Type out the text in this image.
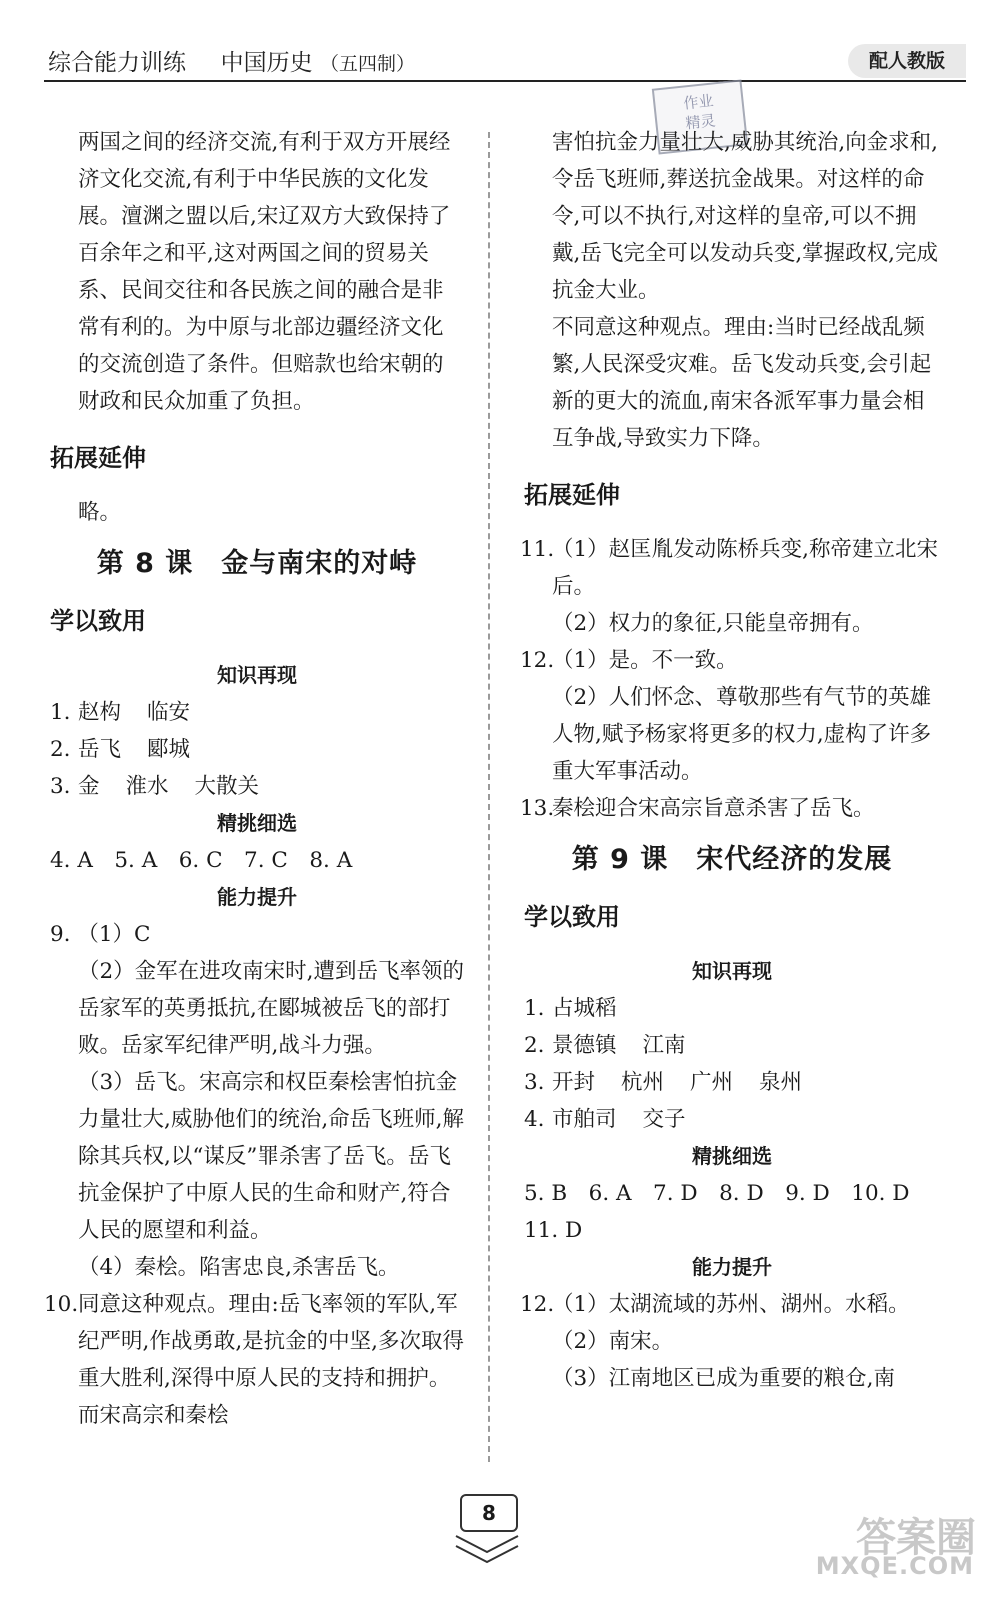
综合能力训练 中国历史 （五四制）	配人教版
作业
精灵

两国之间的经济交流,有利于双方开展经济文化交流,有利于中华民族的文化发展。澶渊之盟以后,宋辽双方大致保持了百余年之和平,这对两国之间的贸易关系、民间交往和各民族之间的融合是非常有利的。为中原与北部边疆经济文化的交流创造了条件。但赔款也给宋朝的财政和民众加重了负担。

拓展延伸

略。

第 8 课　金与南宋的对峙
学以致用
知识再现
1. 赵构 临安
2. 岳飞 郾城
3. 金 淮水 大散关
精挑细选
4. A　5. A　6. C　7. C　8. A
能力提升
9. （1）C

（2）金军在进攻南宋时,遭到岳飞率领的岳家军的英勇抵抗,在郾城被岳飞的部打败。岳家军纪律严明,战斗力强。

（3）岳飞。宋高宗和权臣秦桧害怕抗金力量壮大,威胁他们的统治,命岳飞班师,解除其兵权,以“谋反”罪杀害了岳飞。岳飞抗金保护了中原人民的生命和财产,符合人民的愿望和利益。

（4）秦桧。陷害忠良,杀害岳飞。

10. 同意这种观点。理由:岳飞率领的军队,军纪严明,作战勇敢,是抗金的中坚,多次取得重大胜利,深得中原人民的支持和拥护。而宋高宗和秦桧

害怕抗金力量壮大,威胁其统治,向金求和,令岳飞班师,葬送抗金战果。对这样的命令,可以不执行,对这样的皇帝,可以不拥戴,岳飞完全可以发动兵变,掌握政权,完成抗金大业。

不同意这种观点。理由:当时已经战乱频繁,人民深受灾难。岳飞发动兵变,会引起新的更大的流血,南宋各派军事力量会相互争战,导致实力下降。

拓展延伸
11.

（1）赵匡胤发动陈桥兵变,称帝建立北宋后。

（2）权力的象征,只能皇帝拥有。

12.

（1）是。不一致。

（2）人们怀念、尊敬那些有气节的英雄人物,赋予杨家将更多的权力,虚构了许多重大军事活动。

13.

秦桧迎合宋高宗旨意杀害了岳飞。

第 9 课　宋代经济的发展
学以致用
知识再现
1. 占城稻
2. 景德镇 江南
3. 开封 杭州 广州 泉州
4. 市舶司 交子
精挑细选
5. B　6. A　7. D　8. D　9. D　10. D
11. D
能力提升
12.

（1）太湖流域的苏州、湖州。水稻。

（2）南宋。

（3）江南地区已成为重要的粮仓,南

8
答案圈
MXQE.COM
